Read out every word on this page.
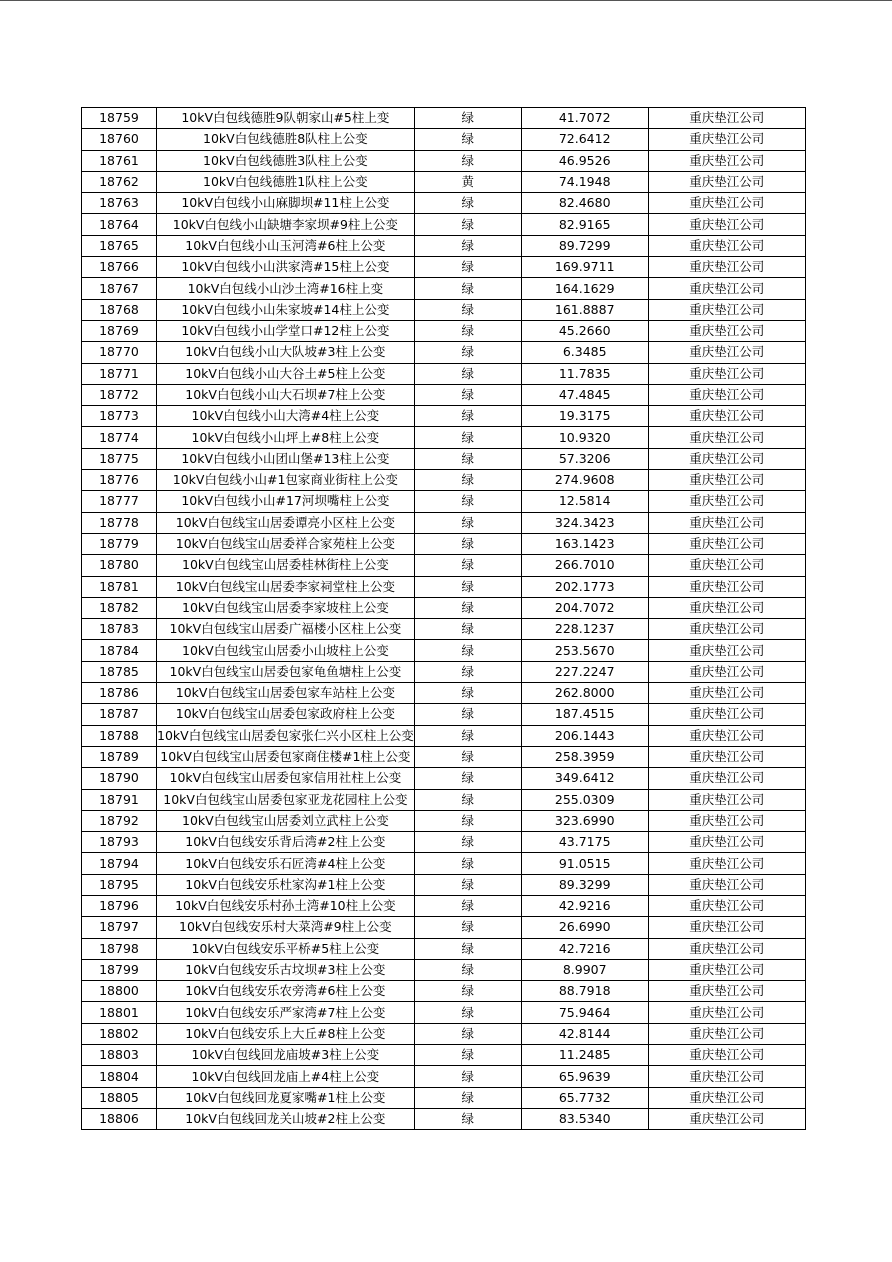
18759	10kV白包线德胜9队朝家山#5柱上变	绿	41.7072	重庆垫江公司
18760	10kV白包线德胜8队柱上公变	绿	72.6412	重庆垫江公司
18761	10kV白包线德胜3队柱上公变	绿	46.9526	重庆垫江公司
18762	10kV白包线德胜1队柱上公变	黄	74.1948	重庆垫江公司
18763	10kV白包线小山麻脚坝#11柱上公变	绿	82.4680	重庆垫江公司
18764	10kV白包线小山缺塘李家坝#9柱上公变	绿	82.9165	重庆垫江公司
18765	10kV白包线小山玉河湾#6柱上公变	绿	89.7299	重庆垫江公司
18766	10kV白包线小山洪家湾#15柱上公变	绿	169.9711	重庆垫江公司
18767	10kV白包线小山沙土湾#16柱上变	绿	164.1629	重庆垫江公司
18768	10kV白包线小山朱家坡#14柱上公变	绿	161.8887	重庆垫江公司
18769	10kV白包线小山学堂口#12柱上公变	绿	45.2660	重庆垫江公司
18770	10kV白包线小山大队坡#3柱上公变	绿	6.3485	重庆垫江公司
18771	10kV白包线小山大谷土#5柱上公变	绿	11.7835	重庆垫江公司
18772	10kV白包线小山大石坝#7柱上公变	绿	47.4845	重庆垫江公司
18773	10kV白包线小山大湾#4柱上公变	绿	19.3175	重庆垫江公司
18774	10kV白包线小山坪上#8柱上公变	绿	10.9320	重庆垫江公司
18775	10kV白包线小山团山堡#13柱上公变	绿	57.3206	重庆垫江公司
18776	10kV白包线小山#1包家商业街柱上公变	绿	274.9608	重庆垫江公司
18777	10kV白包线小山#17河坝嘴柱上公变	绿	12.5814	重庆垫江公司
18778	10kV白包线宝山居委谭亮小区柱上公变	绿	324.3423	重庆垫江公司
18779	10kV白包线宝山居委祥合家苑柱上公变	绿	163.1423	重庆垫江公司
18780	10kV白包线宝山居委桂林街柱上公变	绿	266.7010	重庆垫江公司
18781	10kV白包线宝山居委李家祠堂柱上公变	绿	202.1773	重庆垫江公司
18782	10kV白包线宝山居委李家坡柱上公变	绿	204.7072	重庆垫江公司
18783	10kV白包线宝山居委广福楼小区柱上公变	绿	228.1237	重庆垫江公司
18784	10kV白包线宝山居委小山坡柱上公变	绿	253.5670	重庆垫江公司
18785	10kV白包线宝山居委包家龟鱼塘柱上公变	绿	227.2247	重庆垫江公司
18786	10kV白包线宝山居委包家车站柱上公变	绿	262.8000	重庆垫江公司
18787	10kV白包线宝山居委包家政府柱上公变	绿	187.4515	重庆垫江公司
18788	10kV白包线宝山居委包家张仁兴小区柱上公变	绿	206.1443	重庆垫江公司
18789	10kV白包线宝山居委包家商住楼#1柱上公变	绿	258.3959	重庆垫江公司
18790	10kV白包线宝山居委包家信用社柱上公变	绿	349.6412	重庆垫江公司
18791	10kV白包线宝山居委包家亚龙花园柱上公变	绿	255.0309	重庆垫江公司
18792	10kV白包线宝山居委刘立武柱上公变	绿	323.6990	重庆垫江公司
18793	10kV白包线安乐背后湾#2柱上公变	绿	43.7175	重庆垫江公司
18794	10kV白包线安乐石匠湾#4柱上公变	绿	91.0515	重庆垫江公司
18795	10kV白包线安乐杜家沟#1柱上公变	绿	89.3299	重庆垫江公司
18796	10kV白包线安乐村孙土湾#10柱上公变	绿	42.9216	重庆垫江公司
18797	10kV白包线安乐村大菜湾#9柱上公变	绿	26.6990	重庆垫江公司
18798	10kV白包线安乐平桥#5柱上公变	绿	42.7216	重庆垫江公司
18799	10kV白包线安乐古坟坝#3柱上公变	绿	8.9907	重庆垫江公司
18800	10kV白包线安乐农旁湾#6柱上公变	绿	88.7918	重庆垫江公司
18801	10kV白包线安乐严家湾#7柱上公变	绿	75.9464	重庆垫江公司
18802	10kV白包线安乐上大丘#8柱上公变	绿	42.8144	重庆垫江公司
18803	10kV白包线回龙庙坡#3柱上公变	绿	11.2485	重庆垫江公司
18804	10kV白包线回龙庙上#4柱上公变	绿	65.9639	重庆垫江公司
18805	10kV白包线回龙夏家嘴#1柱上公变	绿	65.7732	重庆垫江公司
18806	10kV白包线回龙关山坡#2柱上公变	绿	83.5340	重庆垫江公司
